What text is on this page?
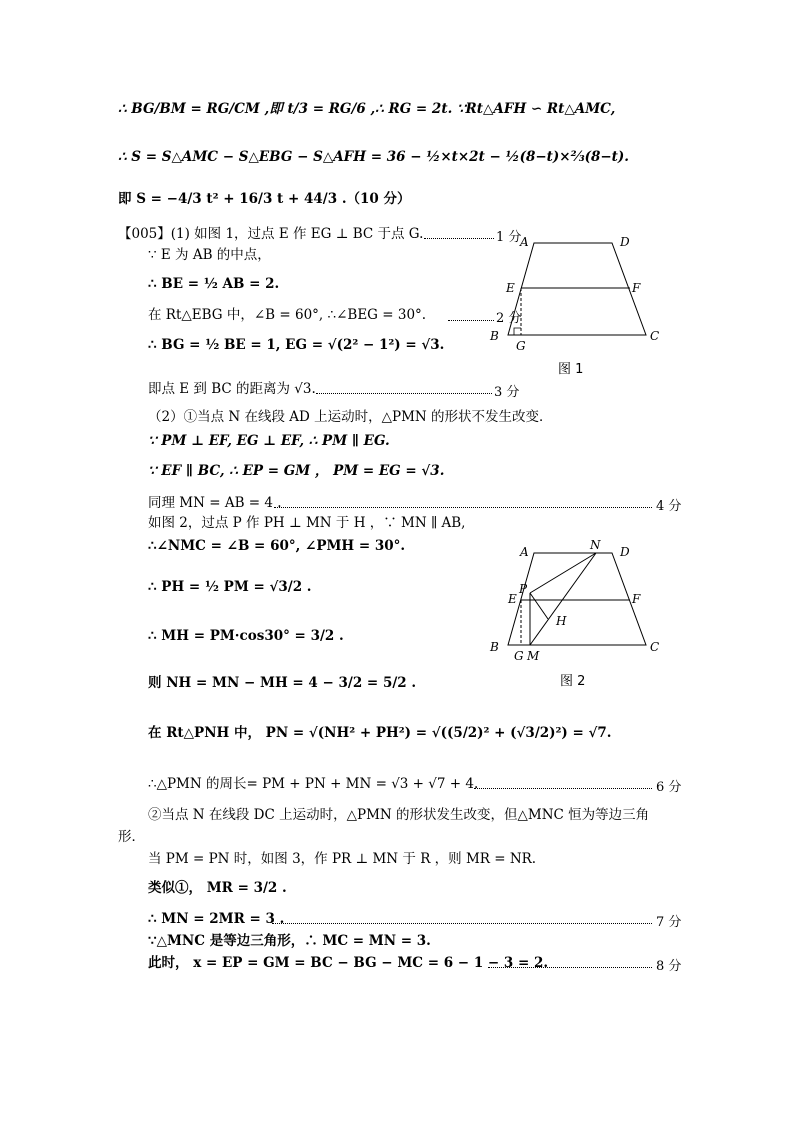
∴ BG/BM = RG/CM ,即 t/3 = RG/6 ,∴ RG = 2t. ∵Rt△AFH ∽ Rt△AMC,
∴ S = S△AMC − S△EBG − S△AFH = 36 − ½×t×2t − ½(8−t)×⅔(8−t).
即 S = −4/3 t² + 16/3 t + 44/3 .（10 分）
【005】(1) 如图 1，过点 E 作 EG ⊥ BC 于点 G.	1 分
∵ E 为 AB 的中点，
∴ BE = ½ AB = 2.
在 Rt△EBG 中，∠B = 60°, ∴∠BEG = 30°.	2 分
∴ BG = ½ BE = 1, EG = √(2² − 1²) = √3.
即点 E 到 BC 的距离为 √3.	3 分
（2）①当点 N 在线段 AD 上运动时，△PMN 的形状不发生改变．
∵ PM ⊥ EF, EG ⊥ EF, ∴ PM ∥ EG.
∵ EF ∥ BC, ∴ EP = GM ， PM = EG = √3.
同理 MN = AB = 4 .	4 分
如图 2，过点 P 作 PH ⊥ MN 于 H ，∵ MN ∥ AB,
∴∠NMC = ∠B = 60°, ∠PMH = 30°.
∴ PH = ½ PM = √3/2 .
∴ MH = PM·cos30° = 3/2 .
则 NH = MN − MH = 4 − 3/2 = 5/2 .
在 Rt△PNH 中， PN = √(NH² + PH²) = √((5/2)² + (√3/2)²) = √7.
∴△PMN 的周长= PM + PN + MN = √3 + √7 + 4.	6 分
②当点 N 在线段 DC 上运动时，△PMN 的形状发生改变，但△MNC 恒为等边三角
形．
当 PM = PN 时，如图 3，作 PR ⊥ MN 于 R ，则 MR = NR.
类似①， MR = 3/2 .
∴ MN = 2MR = 3 .	7 分
∵△MNC 是等边三角形，∴ MC = MN = 3.
此时， x = EP = GM = BC − BG − MC = 6 − 1 − 3 = 2.	8 分
A	D
E	F
B
G
C
图 1
A	N D
P
E	F
H
B
G M
C
图 2
